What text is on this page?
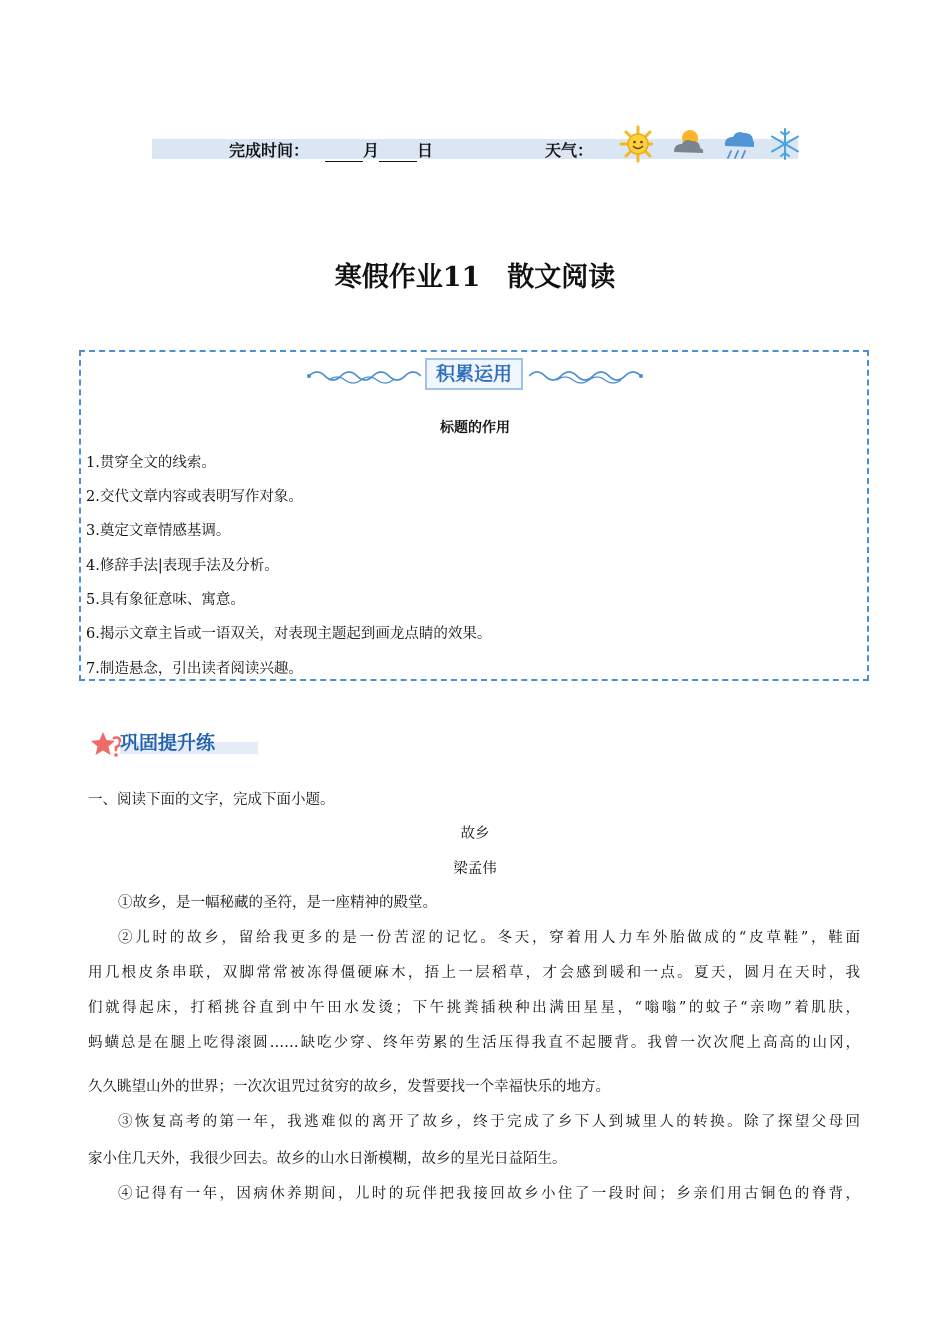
完成时间：	月 日	天气：
寒假作业11　散文阅读
积累运用
标题的作用
1.贯穿全文的线索。
2.交代文章内容或表明写作对象。
3.奠定文章情感基调。
4.修辞手法|表现手法及分析。
5.具有象征意味、寓意。
6.揭示文章主旨或一语双关，对表现主题起到画龙点睛的效果。
7.制造悬念，引出读者阅读兴趣。
巩固提升练
一、阅读下面的文字，完成下面小题。
故乡
梁孟伟
①故乡，是一幅秘藏的圣符，是一座精神的殿堂。
②儿时的故乡，留给我更多的是一份苦涩的记忆。冬天，穿着用人力车外胎做成的“皮草鞋”，鞋面
用几根皮条串联，双脚常常被冻得僵硬麻木，捂上一层稻草，才会感到暖和一点。夏天，圆月在天时，我
们就得起床，打稻挑谷直到中午田水发烫；下午挑粪插秧种出满田星星，“嗡嗡”的蚊子“亲吻”着肌肤，
蚂蟥总是在腿上吃得滚圆……缺吃少穿、终年劳累的生活压得我直不起腰背。我曾一次次爬上高高的山冈，
久久眺望山外的世界；一次次诅咒过贫穷的故乡，发誓要找一个幸福快乐的地方。
③恢复高考的第一年，我逃难似的离开了故乡，终于完成了乡下人到城里人的转换。除了探望父母回
家小住几天外，我很少回去。故乡的山水日渐模糊，故乡的星光日益陌生。
④记得有一年，因病休养期间，儿时的玩伴把我接回故乡小住了一段时间；乡亲们用古铜色的脊背，
